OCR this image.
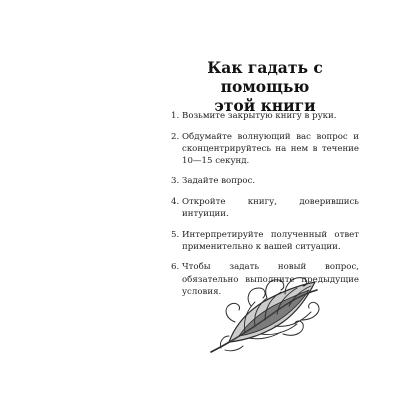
Как гадать с помощью
этой книги
1. Возьмите закрытую книгу в руки.
2. Обдумайте волнующий вас вопрос и сконцентрируйтесь на нем в течение 10—15 секунд.
3. Задайте вопрос.
4. Откройте книгу, доверившись интуиции.
5. Интерпретируйте полученный ответ применительно к вашей ситуации.
6. Чтобы задать новый вопрос, обязательно выполните предыдущие условия.
